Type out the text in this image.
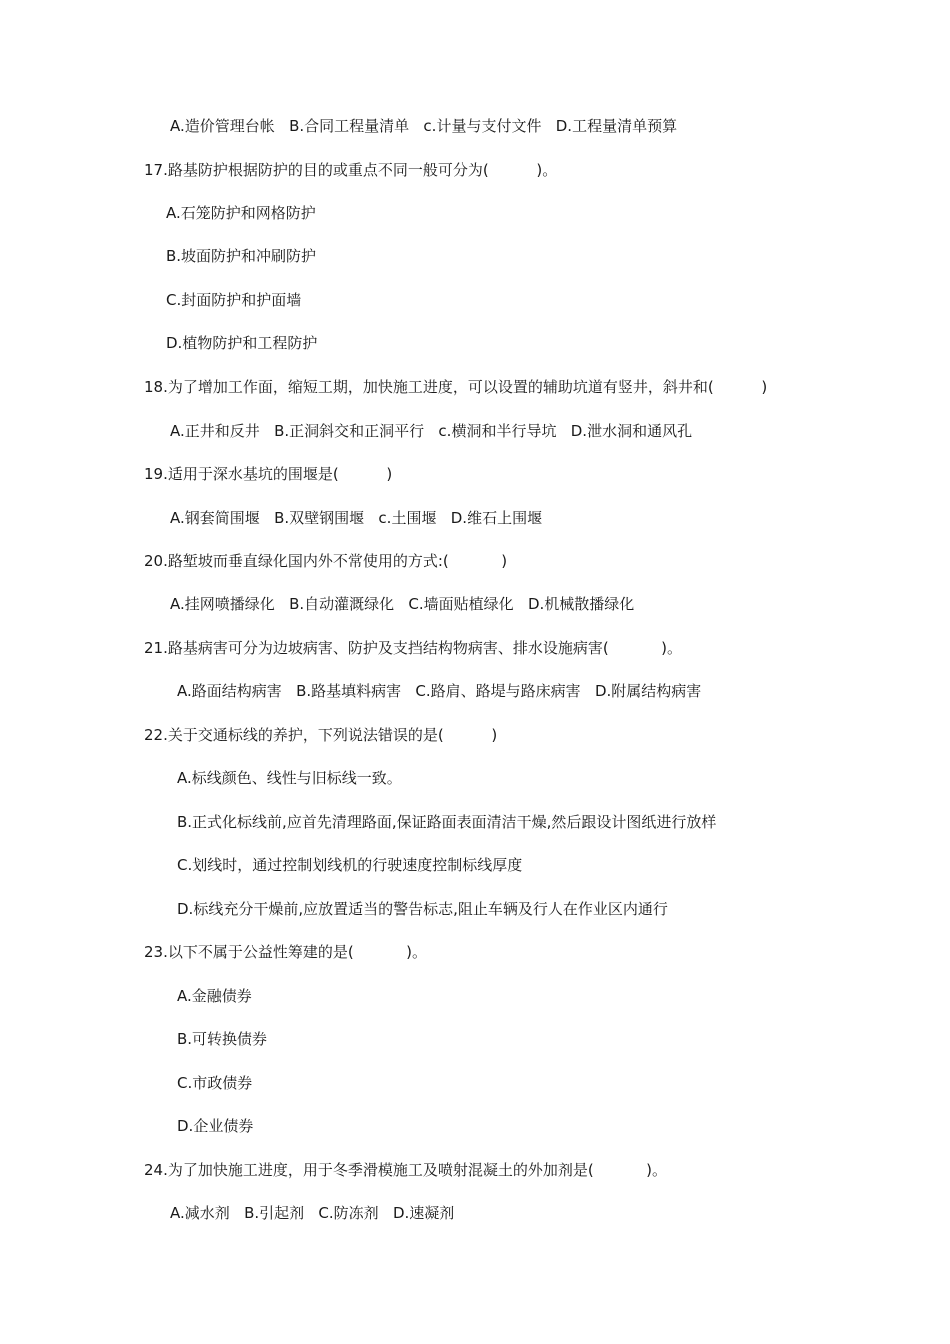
A.造价管理台帐   B.合同工程量清单   c.计量与支付文件   D.工程量清单预算
17.路基防护根据防护的目的或重点不同一般可分为(          )。
A.石笼防护和网格防护
B.坡面防护和冲刷防护
C.封面防护和护面墙
D.植物防护和工程防护
18.为了增加工作面，缩短工期，加快施工进度，可以设置的辅助坑道有竖井，斜井和(          )
A.正井和反井   B.正洞斜交和正洞平行   c.横洞和半行导坑   D.泄水洞和通风孔
19.适用于深水基坑的围堰是(          )
A.钢套简围堰   B.双壁钢围堰   c.土围堰   D.维石上围堰
20.路堑坡而垂直绿化国内外不常使用的方式:(           )
A.挂网喷播绿化   B.自动灌溉绿化   C.墙面贴植绿化   D.机械散播绿化
21.路基病害可分为边坡病害、防护及支挡结构物病害、排水设施病害(           )。
A.路面结构病害   B.路基填料病害   C.路肩、路堤与路床病害   D.附属结构病害
22.关于交通标线的养护，下列说法错误的是(          )
A.标线颜色、线性与旧标线一致。
B.正式化标线前,应首先清理路面,保证路面表面清洁干燥,然后跟设计图纸进行放样
C.划线时，通过控制划线机的行驶速度控制标线厚度
D.标线充分干燥前,应放置适当的警告标志,阻止车辆及行人在作业区内通行
23.以下不属于公益性筹建的是(           )。
A.金融债券
B.可转换债券
C.市政债券
D.企业债券
24.为了加快施工进度，用于冬季滑模施工及喷射混凝土的外加剂是(           )。
A.减水剂   B.引起剂   C.防冻剂   D.速凝剂
